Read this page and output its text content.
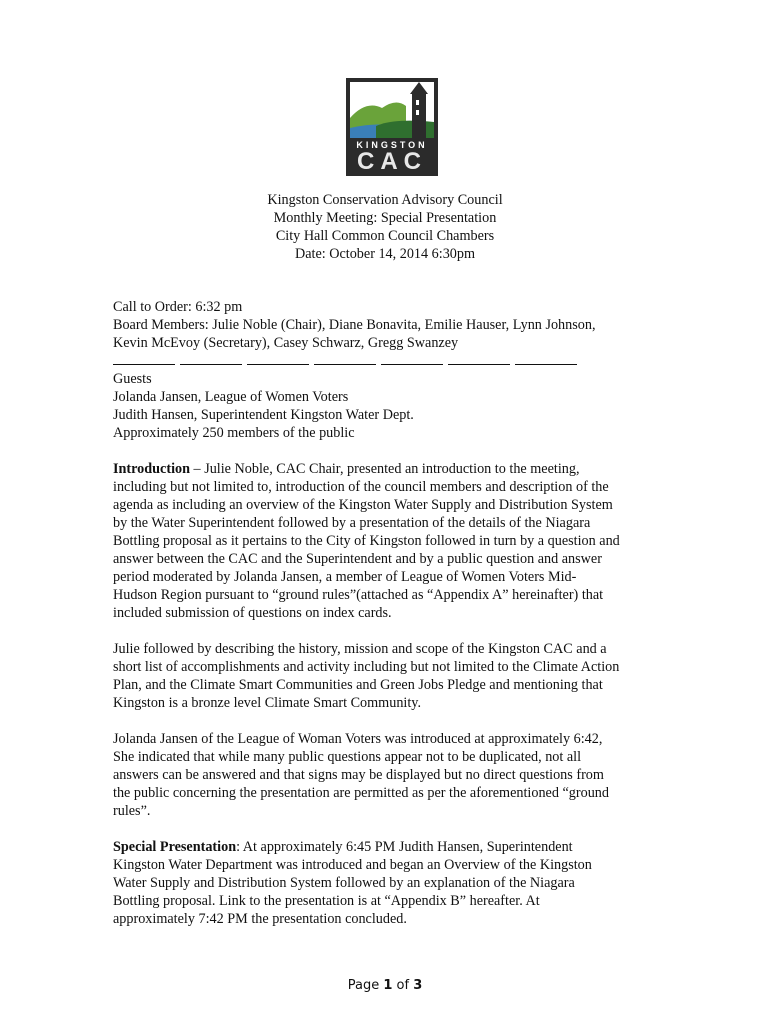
KINGSTON
CAC
Kingston Conservation Advisory Council
Monthly Meeting: Special Presentation
City Hall Common Council Chambers
Date: October 14, 2014 6:30pm
Call to Order: 6:32 pm
Board Members: Julie Noble (Chair), Diane Bonavita, Emilie Hauser, Lynn Johnson,
Kevin McEvoy (Secretary), Casey Schwarz, Gregg Swanzey
Guests
Jolanda Jansen, League of Women Voters
Judith Hansen, Superintendent Kingston Water Dept.
Approximately 250 members of the public
Introduction – Julie Noble, CAC Chair, presented an introduction to the meeting,
including but not limited to, introduction of the council members and description of the
agenda as including an overview of the Kingston Water Supply and Distribution System
by the Water Superintendent followed by a presentation of the details of the Niagara
Bottling proposal as it pertains to the City of Kingston followed in turn by a question and
answer between the CAC and the Superintendent and by a public question and answer
period moderated by Jolanda Jansen, a member of League of Women Voters Mid-
Hudson Region pursuant to “ground rules”(attached as “Appendix A” hereinafter) that
included submission of questions on index cards.
Julie followed by describing the history, mission and scope of the Kingston CAC and a
short list of accomplishments and activity including but not limited to the Climate Action
Plan, and the Climate Smart Communities and Green Jobs Pledge and mentioning that
Kingston is a bronze level Climate Smart Community.
Jolanda Jansen of the League of Woman Voters was introduced at approximately 6:42,
She indicated that while many public questions appear not to be duplicated, not all
answers can be answered and that signs may be displayed but no direct questions from
the public concerning the presentation are permitted as per the aforementioned “ground
rules”.
Special Presentation: At approximately 6:45 PM Judith Hansen, Superintendent
Kingston Water Department was introduced and began an Overview of the Kingston
Water Supply and Distribution System followed by an explanation of the Niagara
Bottling proposal. Link to the presentation is at “Appendix B” hereafter. At
approximately 7:42 PM the presentation concluded.
Page 1 of 3
